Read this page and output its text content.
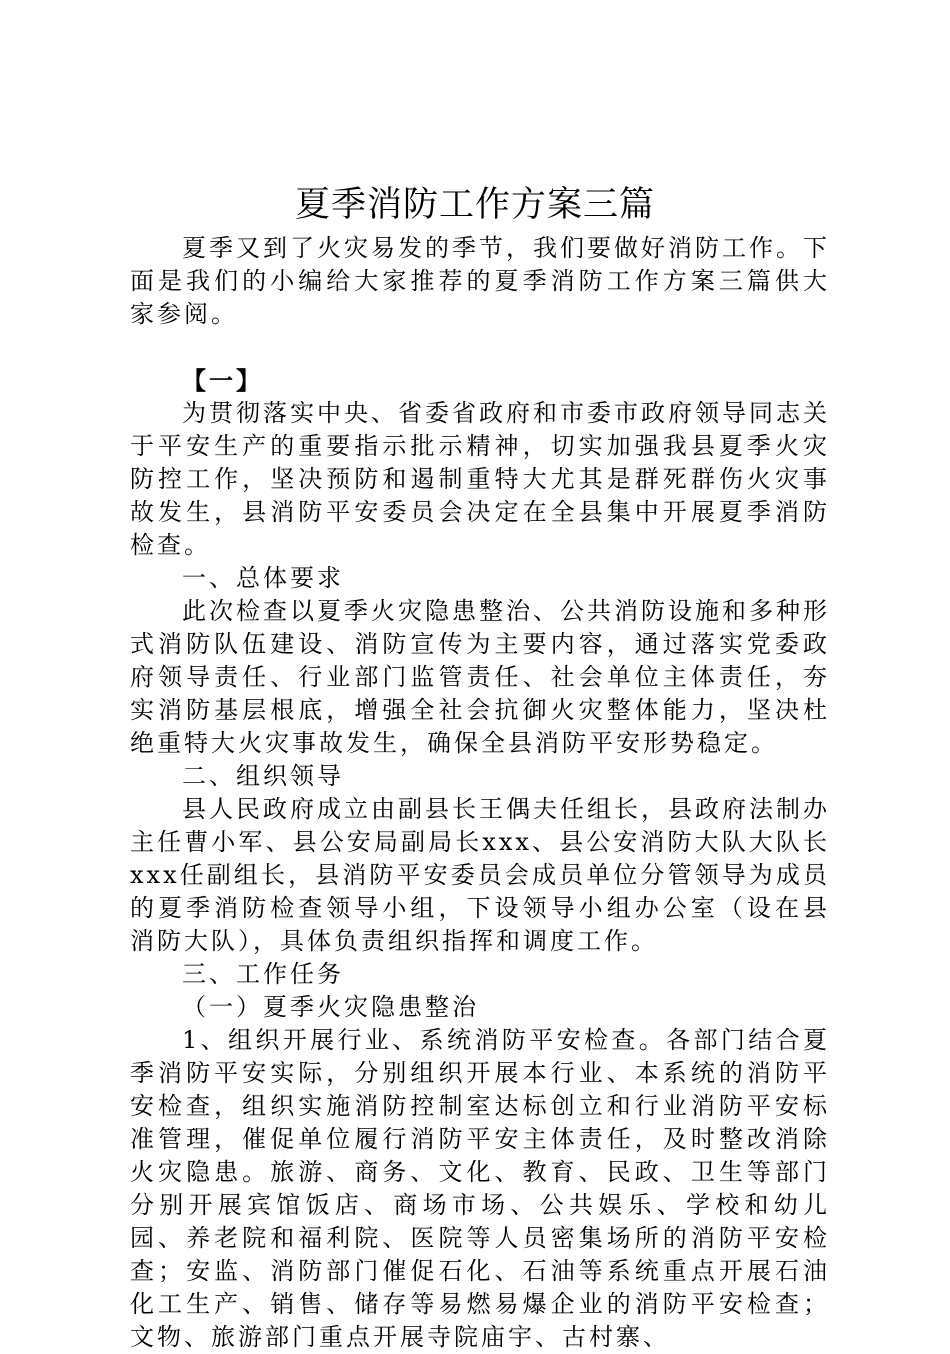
夏季消防工作方案三篇

夏季又到了火灾易发的季节，我们要做好消防工作。下面是我们的小编给大家推荐的夏季消防工作方案三篇供大家参阅。

【一】

为贯彻落实中央、省委省政府和市委市政府领导同志关于平安生产的重要指示批示精神，切实加强我县夏季火灾防控工作，坚决预防和遏制重特大尤其是群死群伤火灾事故发生，县消防平安委员会决定在全县集中开展夏季消防检查。

一、总体要求

此次检查以夏季火灾隐患整治、公共消防设施和多种形式消防队伍建设、消防宣传为主要内容，通过落实党委政府领导责任、行业部门监管责任、社会单位主体责任，夯实消防基层根底，增强全社会抗御火灾整体能力，坚决杜绝重特大火灾事故发生，确保全县消防平安形势稳定。

二、组织领导

县人民政府成立由副县长王偶夫任组长，县政府法制办主任曹小军、县公安局副局长xxx、县公安消防大队大队长xxx任副组长，县消防平安委员会成员单位分管领导为成员的夏季消防检查领导小组，下设领导小组办公室（设在县消防大队），具体负责组织指挥和调度工作。

三、工作任务

（一）夏季火灾隐患整治

1、组织开展行业、系统消防平安检查。各部门结合夏季消防平安实际，分别组织开展本行业、本系统的消防平安检查，组织实施消防控制室达标创立和行业消防平安标准管理，催促单位履行消防平安主体责任，及时整改消除火灾隐患。旅游、商务、文化、教育、民政、卫生等部门分别开展宾馆饭店、商场市场、公共娱乐、学校和幼儿园、养老院和福利院、医院等人员密集场所的消防平安检查；安监、消防部门催促石化、石油等系统重点开展石油化工生产、销售、储存等易燃易爆企业的消防平安检查；文物、旅游部门重点开展寺院庙宇、古村寨、
